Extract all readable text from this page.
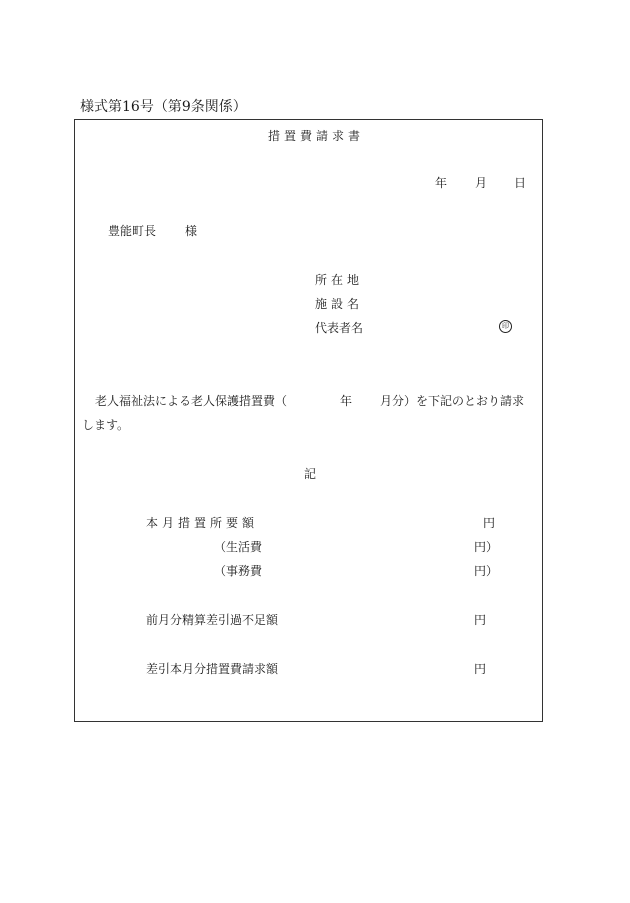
様式第16号（第9条関係）
措置費請求書
年 月 日
豊能町長 様
所在地
施設名
代表者名	印
老人福祉法による老人保護措置費（	年 月分）を下記のとおり請求
します。
記
本月措置所要額	円
（生活費	円）
（事務費	円）
前月分精算差引過不足額	円
差引本月分措置費請求額	円
